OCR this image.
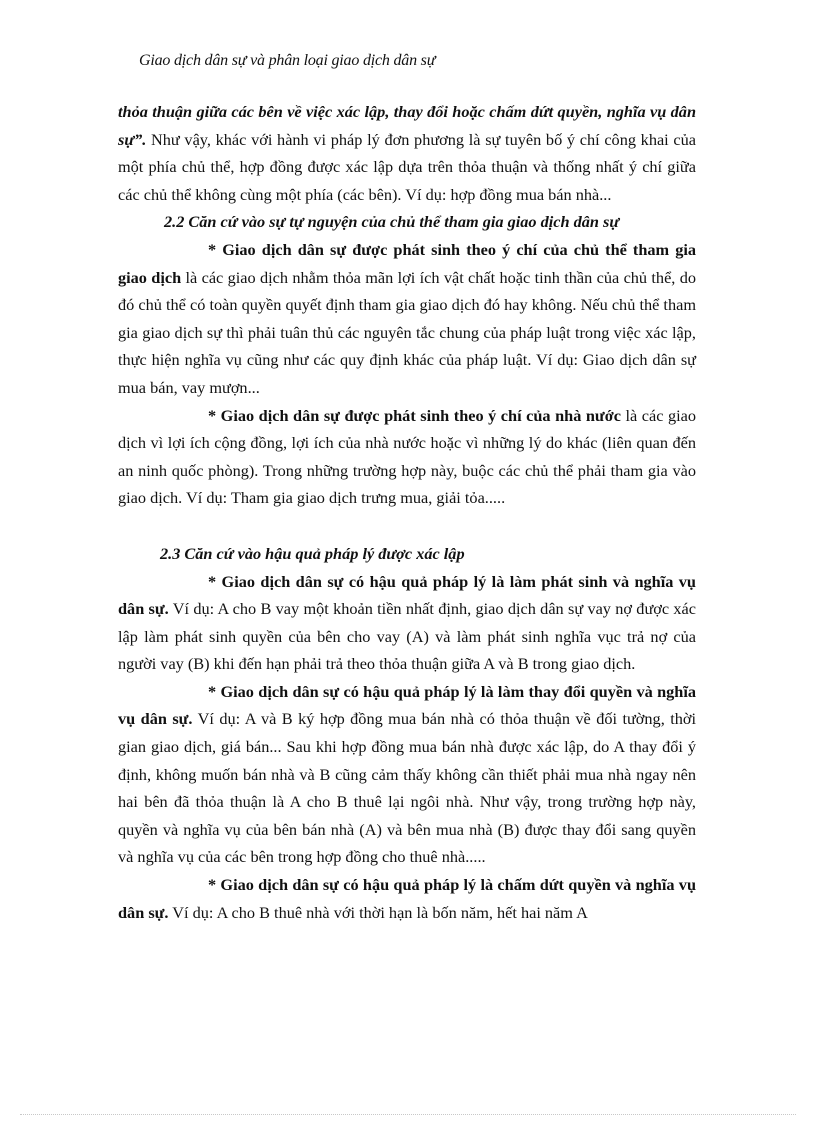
Giao dịch dân sự và phân loại giao dịch dân sự

thỏa thuận giữa các bên về việc xác lập, thay đổi hoặc chấm dứt quyền, nghĩa vụ dân sự”. Như vậy, khác với hành vi pháp lý đơn phương là sự tuyên bố ý chí công khai của một phía chủ thể, hợp đồng được xác lập dựa trên thỏa thuận và thống nhất ý chí giữa các chủ thể không cùng một phía (các bên). Ví dụ: hợp đồng mua bán nhà...

2.2 Căn cứ vào sự tự nguyện của chủ thể tham gia giao dịch dân sự

* Giao dịch dân sự được phát sinh theo ý chí của chủ thể tham gia giao dịch là các giao dịch nhằm thỏa mãn lợi ích vật chất hoặc tinh thần của chủ thể, do đó chủ thể có toàn quyền quyết định tham gia giao dịch đó hay không. Nếu chủ thể tham gia giao dịch sự thì phải tuân thủ các nguyên tắc chung của pháp luật trong việc xác lập, thực hiện nghĩa vụ cũng như các quy định khác của pháp luật. Ví dụ: Giao dịch dân sự mua bán, vay mượn...

* Giao dịch dân sự được phát sinh theo ý chí của nhà nước là các giao dịch vì lợi ích cộng đồng, lợi ích của nhà nước hoặc vì những lý do khác (liên quan đến an ninh quốc phòng). Trong những trường hợp này, buộc các chủ thể phải tham gia vào giao dịch. Ví dụ: Tham gia giao dịch trưng mua, giải tỏa.....

2.3 Căn cứ vào hậu quả pháp lý được xác lập

* Giao dịch dân sự có hậu quả pháp lý là làm phát sinh và nghĩa vụ dân sự. Ví dụ: A cho B vay một khoản tiền nhất định, giao dịch dân sự vay nợ được xác lập làm phát sinh quyền của bên cho vay (A) và làm phát sinh nghĩa vục trả nợ của người vay (B) khi đến hạn phải trả theo thỏa thuận giữa A và B trong giao dịch.

* Giao dịch dân sự có hậu quả pháp lý là làm thay đổi quyền và nghĩa vụ dân sự. Ví dụ: A và B ký hợp đồng mua bán nhà có thỏa thuận về đối tường, thời gian giao dịch, giá bán... Sau khi hợp đồng mua bán nhà được xác lập, do A thay đổi ý định, không muốn bán nhà và B cũng cảm thấy không cần thiết phải mua nhà ngay nên hai bên đã thỏa thuận là A cho B thuê lại ngôi nhà. Như vậy, trong trường hợp này, quyền và nghĩa vụ của bên bán nhà (A) và bên mua nhà (B) được thay đổi sang quyền và nghĩa vụ của các bên trong hợp đồng cho thuê nhà.....

* Giao dịch dân sự có hậu quả pháp lý là chấm dứt quyền và nghĩa vụ dân sự. Ví dụ: A cho B thuê nhà với thời hạn là bốn năm, hết hai năm A
